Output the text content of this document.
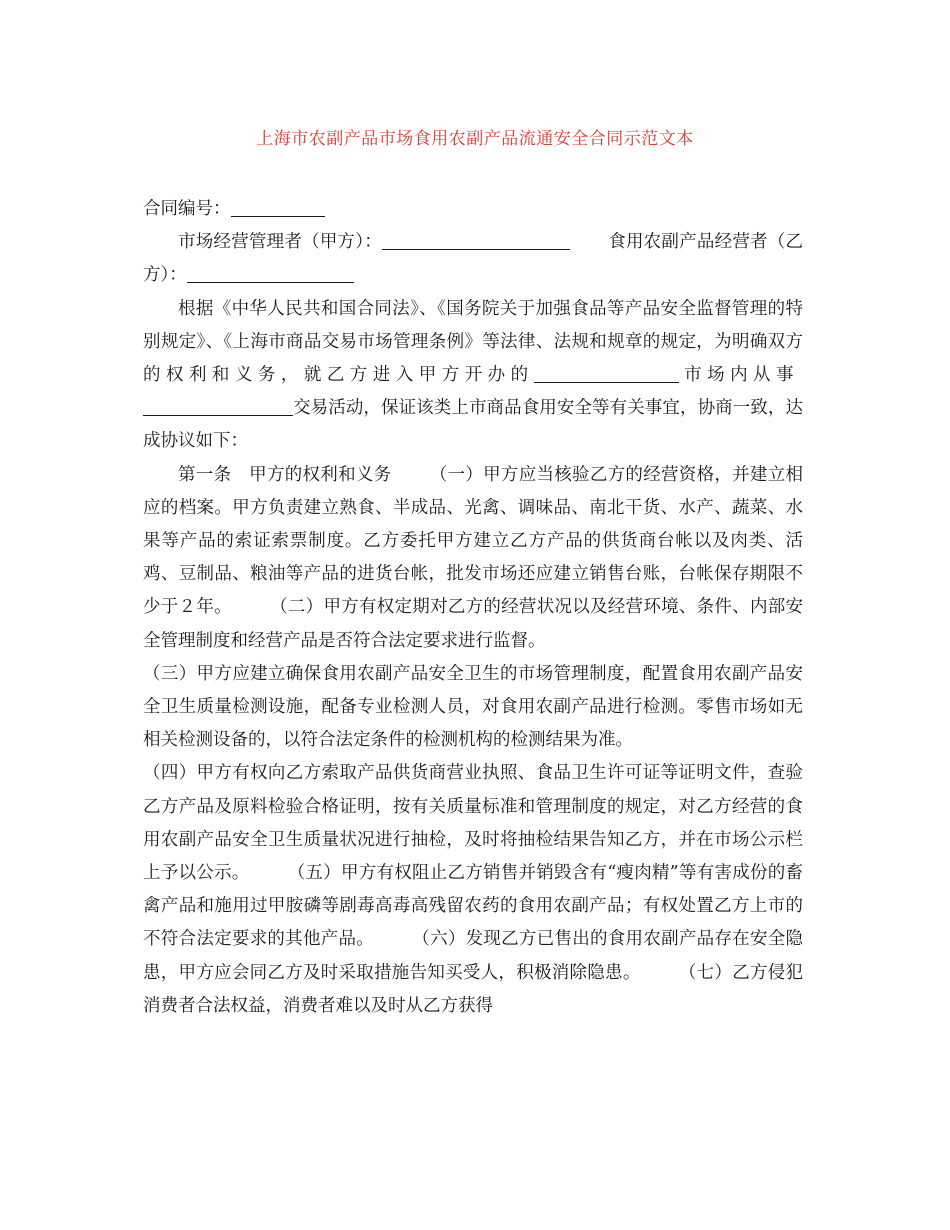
上海市农副产品市场食用农副产品流通安全合同示范文本

合同编号：

市场经营管理者（甲方）：	食用农副产品经营者（乙方）：

根据《中华人民共和国合同法》、《国务院关于加强食品等产品安全监督管理的特别规定》、《上海市商品交易市场管理条例》等法律、法规和规章的规定，为明确双方的权利和义务，就乙方进入甲方开办的	市场内从事交易活动，保证该类上市商品食用安全等有关事宜，协商一致，达成协议如下：

第一条　甲方的权利和义务 （一）甲方应当核验乙方的经营资格，并建立相应的档案。甲方负责建立熟食、半成品、光禽、调味品、南北干货、水产、蔬菜、水果等产品的索证索票制度。乙方委托甲方建立乙方产品的供货商台帐以及肉类、活鸡、豆制品、粮油等产品的进货台帐，批发市场还应建立销售台账，台帐保存期限不少于２年。 （二）甲方有权定期对乙方的经营状况以及经营环境、条件、内部安全管理制度和经营产品是否符合法定要求进行监督。

（三）甲方应建立确保食用农副产品安全卫生的市场管理制度，配置食用农副产品安全卫生质量检测设施，配备专业检测人员，对食用农副产品进行检测。零售市场如无相关检测设备的，以符合法定条件的检测机构的检测结果为准。

（四）甲方有权向乙方索取产品供货商营业执照、食品卫生许可证等证明文件，查验乙方产品及原料检验合格证明，按有关质量标准和管理制度的规定，对乙方经营的食用农副产品安全卫生质量状况进行抽检，及时将抽检结果告知乙方，并在市场公示栏上予以公示。 （五）甲方有权阻止乙方销售并销毁含有“瘦肉精”等有害成份的畜禽产品和施用过甲胺磷等剧毒高毒高残留农药的食用农副产品；有权处置乙方上市的不符合法定要求的其他产品。 （六）发现乙方已售出的食用农副产品存在安全隐患，甲方应会同乙方及时采取措施告知买受人，积极消除隐患。 （七）乙方侵犯消费者合法权益，消费者难以及时从乙方获得
